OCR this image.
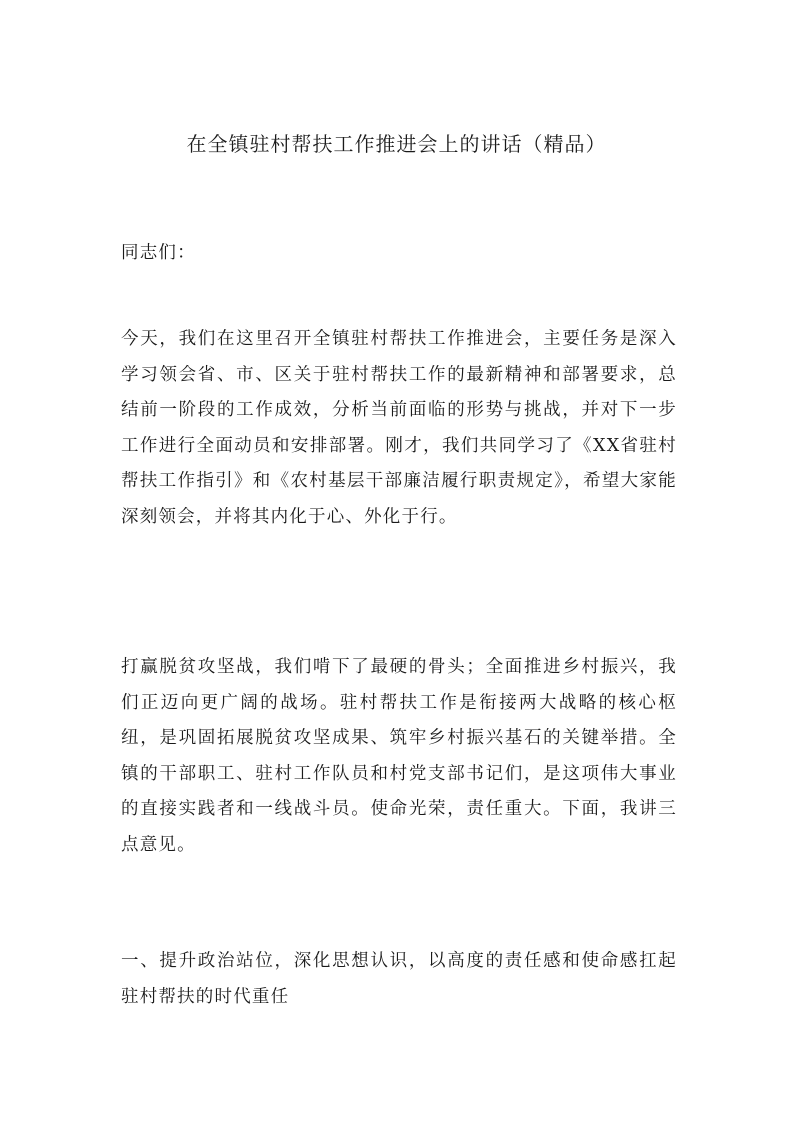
在全镇驻村帮扶工作推进会上的讲话（精品）

同志们：

今天，我们在这里召开全镇驻村帮扶工作推进会，主要任务是深入学习领会省、市、区关于驻村帮扶工作的最新精神和部署要求，总结前一阶段的工作成效，分析当前面临的形势与挑战，并对下一步工作进行全面动员和安排部署。刚才，我们共同学习了《XX省驻村帮扶工作指引》和《农村基层干部廉洁履行职责规定》，希望大家能深刻领会，并将其内化于心、外化于行。

打赢脱贫攻坚战，我们啃下了最硬的骨头；全面推进乡村振兴，我们正迈向更广阔的战场。驻村帮扶工作是衔接两大战略的核心枢纽，是巩固拓展脱贫攻坚成果、筑牢乡村振兴基石的关键举措。全镇的干部职工、驻村工作队员和村党支部书记们，是这项伟大事业的直接实践者和一线战斗员。使命光荣，责任重大。下面，我讲三点意见。

一、提升政治站位，深化思想认识，以高度的责任感和使命感扛起驻村帮扶的时代重任
